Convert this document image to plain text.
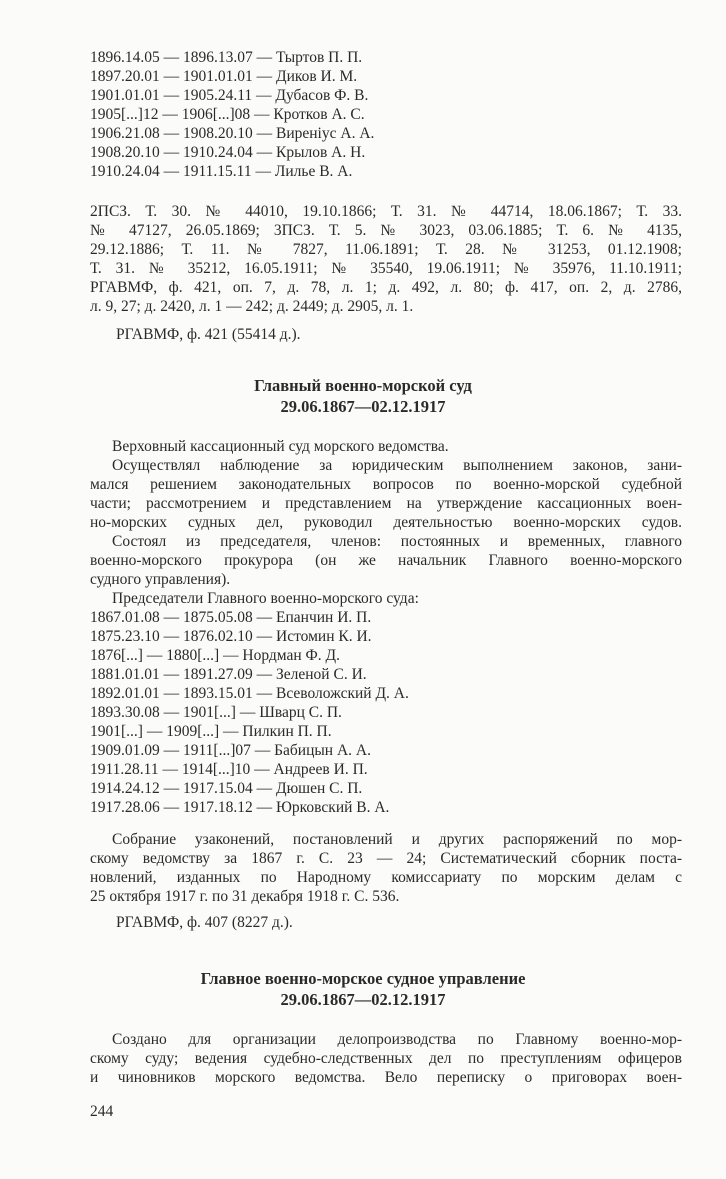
1896.14.05 — 1896.13.07 — Тыртов П. П.
1897.20.01 — 1901.01.01 — Диков И. М.
1901.01.01 — 1905.24.11 — Дубасов Ф. В.
1905[...]12 — 1906[...]08 — Кротков А. С.
1906.21.08 — 1908.20.10 — Виренiус А. А.
1908.20.10 — 1910.24.04 — Крылов А. Н.
1910.24.04 — 1911.15.11 — Лилье В. А.
2ПСЗ. Т. 30. № 44010, 19.10.1866; Т. 31. № 44714, 18.06.1867; Т. 33.
№ 47127, 26.05.1869; 3ПСЗ. Т. 5. № 3023, 03.06.1885; Т. 6. № 4135,
29.12.1886; Т. 11. № 7827, 11.06.1891; Т. 28. № 31253, 01.12.1908;
Т. 31. № 35212, 16.05.1911; № 35540, 19.06.1911; № 35976, 11.10.1911;
РГАВМФ, ф. 421, оп. 7, д. 78, л. 1; д. 492, л. 80; ф. 417, оп. 2, д. 2786,
л. 9, 27; д. 2420, л. 1 — 242; д. 2449; д. 2905, л. 1.
РГАВМФ, ф. 421 (55414 д.).
Главный военно-морской суд
29.06.1867—02.12.1917
Верховный кассационный суд морского ведомства.
Осуществлял наблюдение за юридическим выполнением законов, зани-
мался решением законодательных вопросов по военно-морской судебной
части; рассмотрением и представлением на утверждение кассационных воен-
но-морских судных дел, руководил деятельностью военно-морских судов.
Состоял из председателя, членов: постоянных и временных, главного
военно-морского прокурора (он же начальник Главного военно-морского
судного управления).
Председатели Главного военно-морского суда:
1867.01.08 — 1875.05.08 — Епанчин И. П.
1875.23.10 — 1876.02.10 — Истомин К. И.
1876[...] — 1880[...] — Нордман Ф. Д.
1881.01.01 — 1891.27.09 — Зеленой С. И.
1892.01.01 — 1893.15.01 — Всеволожский Д. А.
1893.30.08 — 1901[...] — Шварц С. П.
1901[...] — 1909[...] — Пилкин П. П.
1909.01.09 — 1911[...]07 — Бабицын А. А.
1911.28.11 — 1914[...]10 — Андреев И. П.
1914.24.12 — 1917.15.04 — Дюшен С. П.
1917.28.06 — 1917.18.12 — Юрковский В. А.
Собрание узаконений, постановлений и других распоряжений по мор-
скому ведомству за 1867 г. С. 23 — 24; Систематический сборник поста-
новлений, изданных по Народному комиссариату по морским делам с
25 октября 1917 г. по 31 декабря 1918 г. С. 536.
РГАВМФ, ф. 407 (8227 д.).
Главное военно-морское судное управление
29.06.1867—02.12.1917
Создано для организации делопроизводства по Главному военно-мор-
скому суду; ведения судебно-следственных дел по преступлениям офицеров
и чиновников морского ведомства. Вело переписку о приговорах воен-
244
